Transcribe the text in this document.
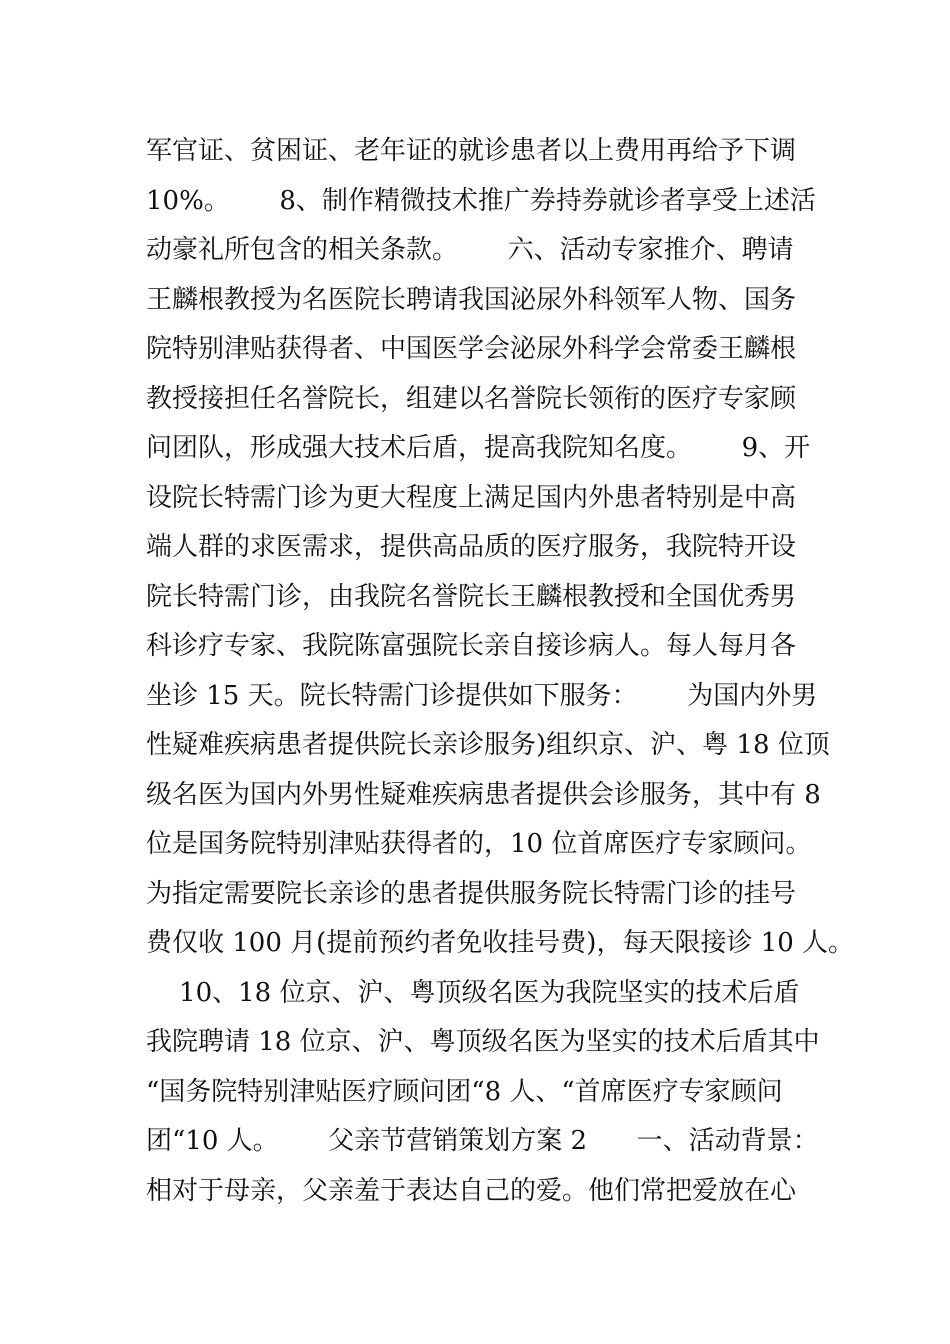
军官证、贫困证、老年证的就诊患者以上费用再给予下调
10%。      8、制作精微技术推广券持券就诊者享受上述活
动豪礼所包含的相关条款。      六、活动专家推介、聘请
王麟根教授为名医院长聘请我国泌尿外科领军人物、国务
院特别津贴获得者、中国医学会泌尿外科学会常委王麟根
教授接担任名誉院长，组建以名誉院长领衔的医疗专家顾
问团队，形成强大技术后盾，提高我院知名度。      9、开
设院长特需门诊为更大程度上满足国内外患者特别是中高
端人群的求医需求，提供高品质的医疗服务，我院特开设
院长特需门诊，由我院名誉院长王麟根教授和全国优秀男
科诊疗专家、我院陈富强院长亲自接诊病人。每人每月各
坐诊 15 天。院长特需门诊提供如下服务：      为国内外男
性疑难疾病患者提供院长亲诊服务)组织京、沪、粤 18 位顶
级名医为国内外男性疑难疾病患者提供会诊服务，其中有 8
位是国务院特别津贴获得者的，10 位首席医疗专家顾问。
为指定需要院长亲诊的患者提供服务院长特需门诊的挂号
费仅收 100 月(提前预约者免收挂号费)，每天限接诊 10 人。
10、18 位京、沪、粤顶级名医为我院坚实的技术后盾
我院聘请 18 位京、沪、粤顶级名医为坚实的技术后盾其中
“国务院特别津贴医疗顾问团“8 人、“首席医疗专家顾问
团“10 人。      父亲节营销策划方案 2      一、活动背景：
相对于母亲，父亲羞于表达自己的爱。他们常把爱放在心
